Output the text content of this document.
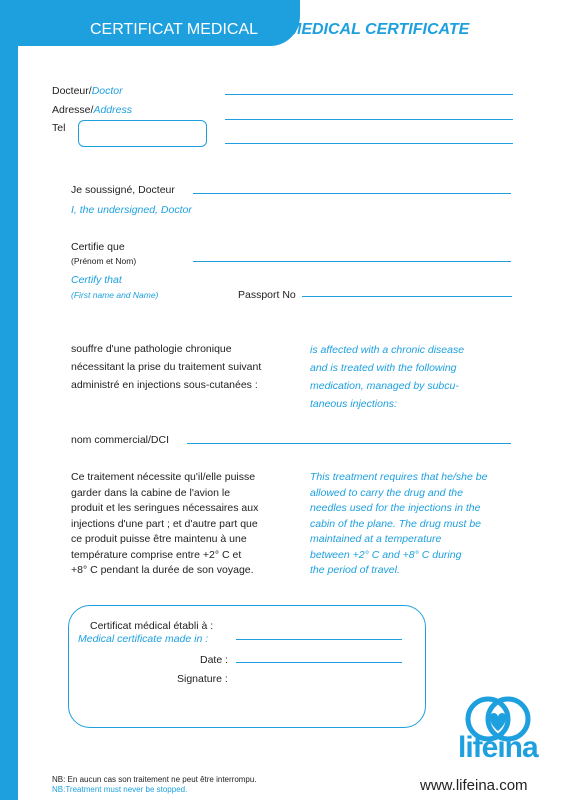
CERTIFICAT MEDICAL MEDICAL CERTIFICATE
Docteur/Doctor
Adresse/Address
Tel
Je soussigné, Docteur
I, the undersigned, Doctor
Certifie que
(Prénom et Nom)
Certify that
(First name and Name)	Passport No
souffre d'une pathologie chronique
nécessitant la prise du traitement suivant
administré en injections sous-cutanées :
is affected with a chronic disease
and is treated with the following
medication, managed by subcu-
taneous injections:
nom commercial/DCI
Ce traitement nécessite qu'il/elle puisse
garder dans la cabine de l'avion le
produit et les seringues nécessaires aux
injections d'une part ; et d'autre part que
ce produit puisse être maintenu à une
température comprise entre +2° C et
+8° C pendant la durée de son voyage.
This treatment requires that he/she be
allowed to carry the drug and the
needles used for the injections in the
cabin of the plane. The drug must be
maintained at a temperature
between +2° C and +8° C during
the period of travel.
Certificat médical établi à :
Medical certificate made in :
Date :
Signature :
lifeina
NB: En aucun cas son traitement ne peut être interrompu.
NB:Treatment must never be stopped.	www.lifeina.com
